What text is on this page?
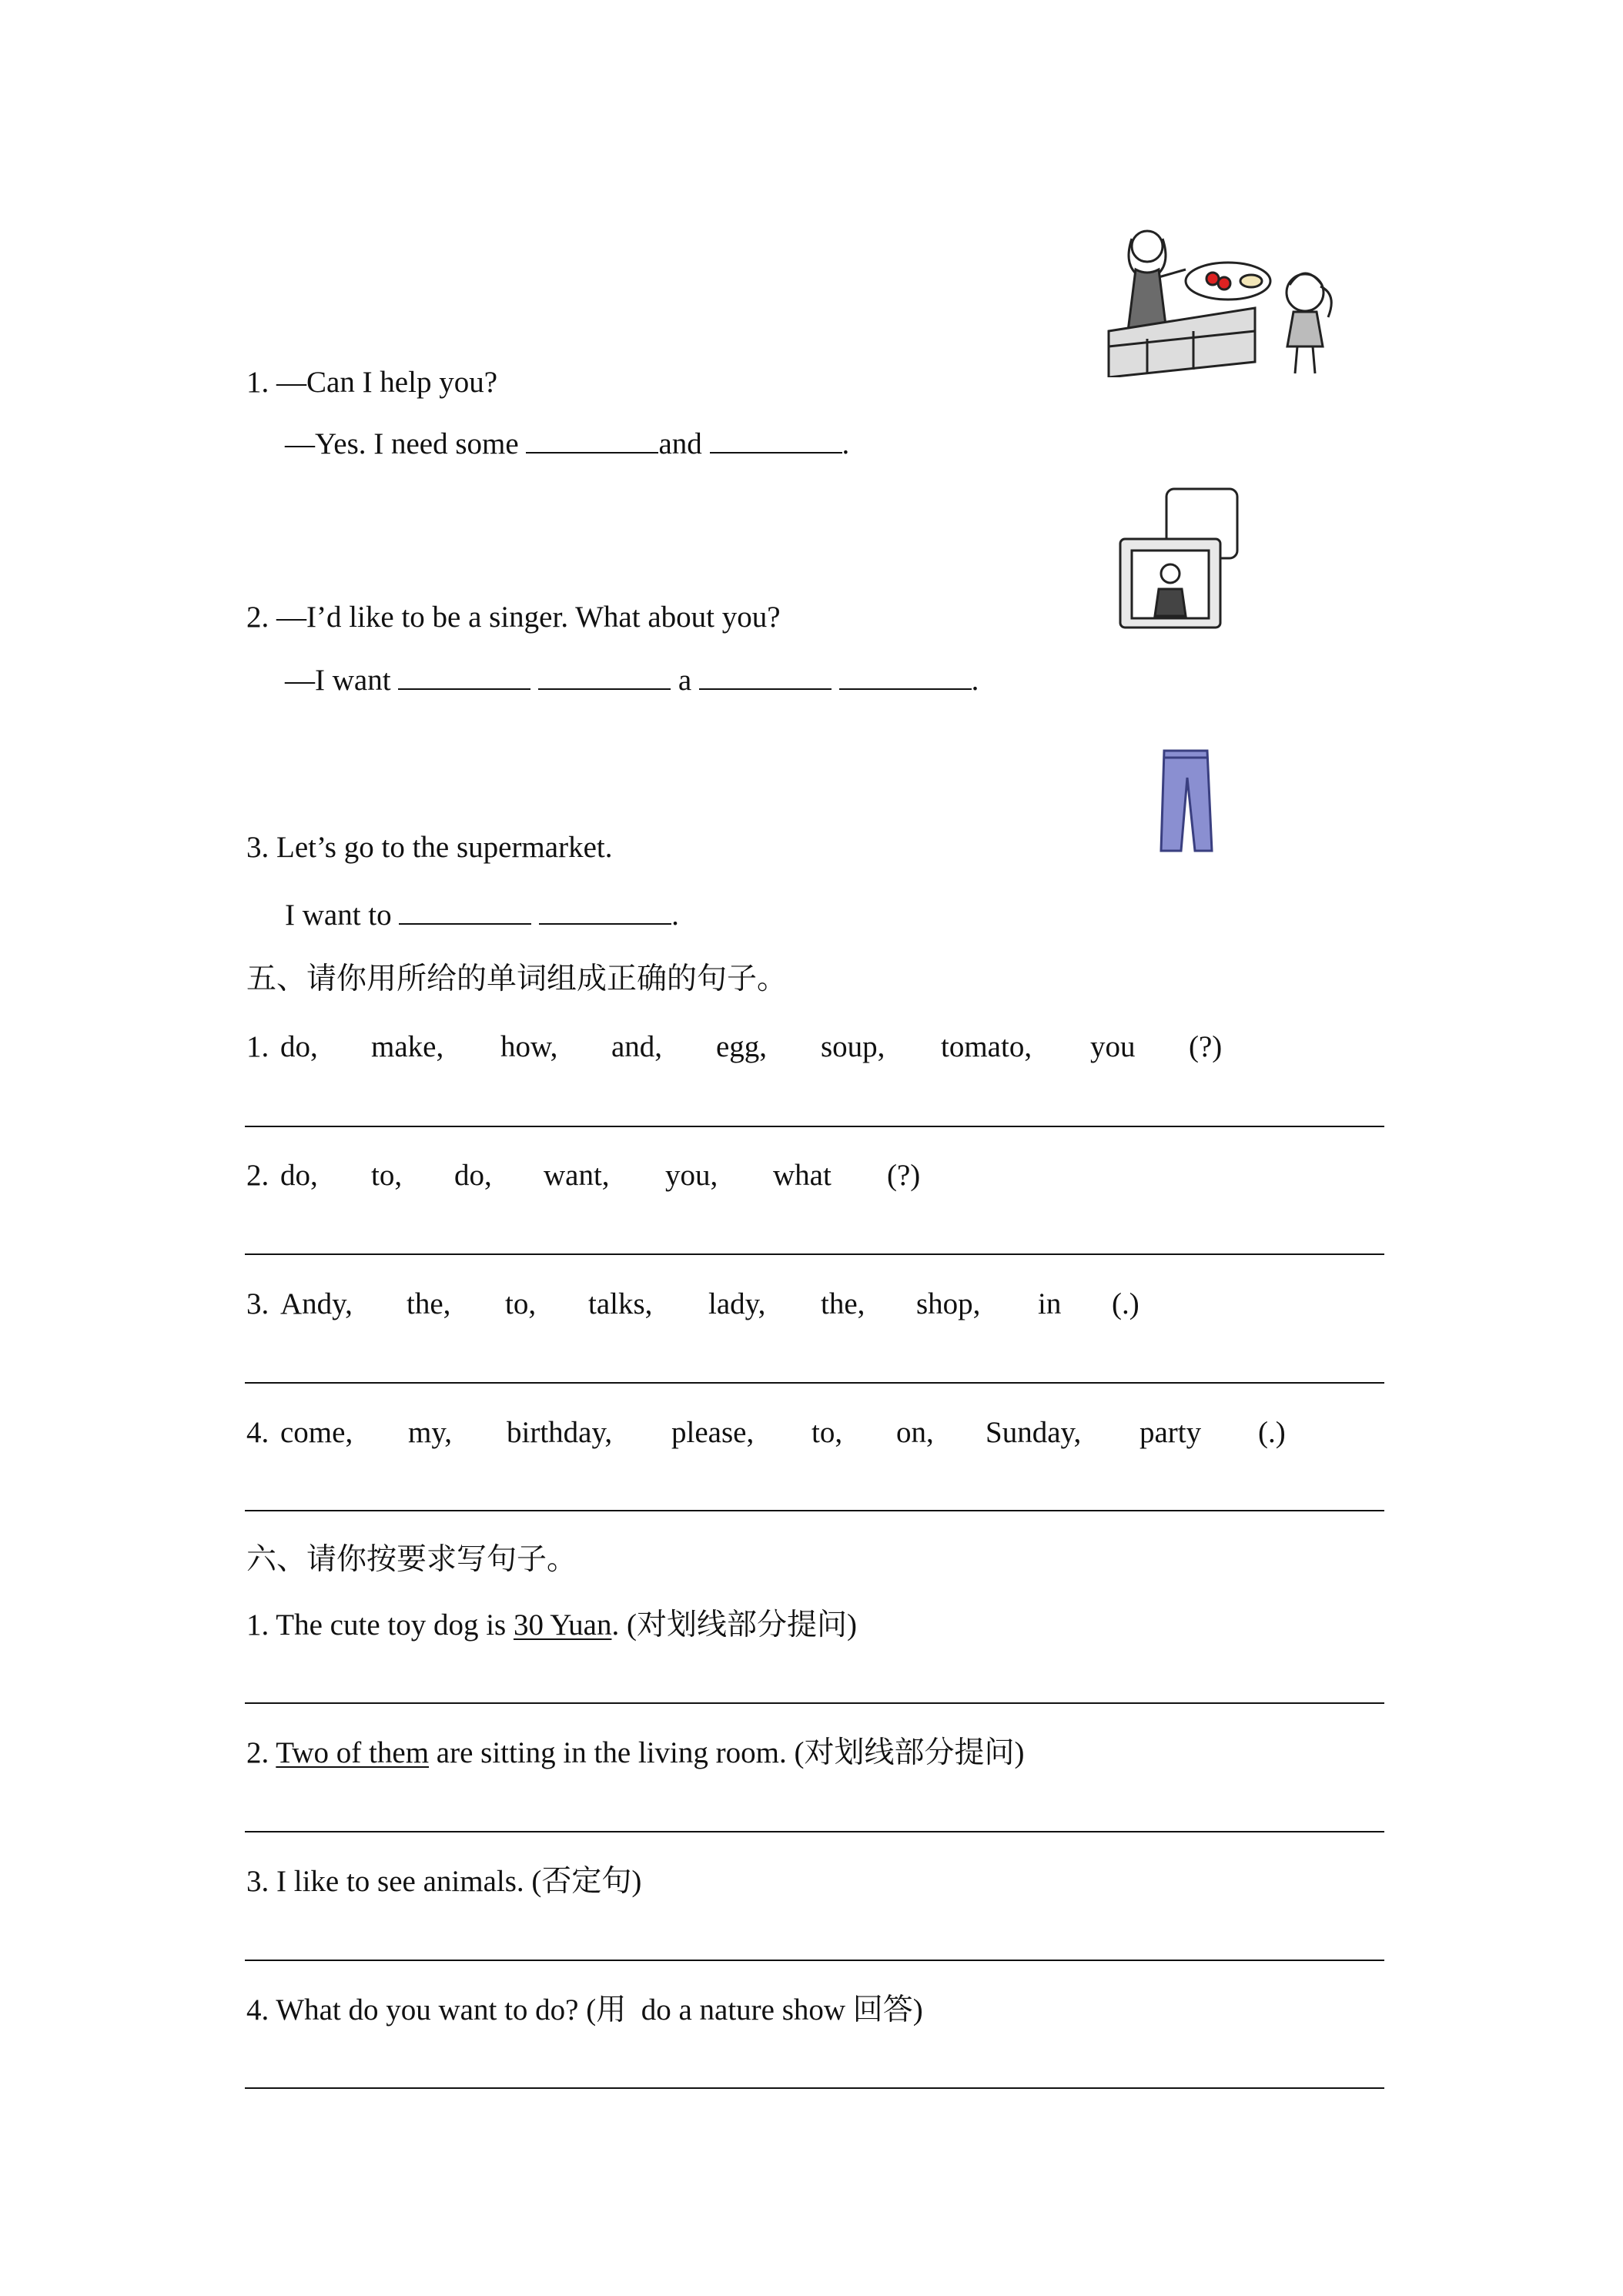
1. —Can I help you?
—Yes. I need some	and	.
2. —I’d like to be a singer. What about you?
—I want	a	.
3. Let’s go to the supermarket.
I want to	.
五、请你用所给的单词组成正确的句子。
1. do, make, how, and, egg, soup, tomato, you (?)
2. do, to, do, want, you, what (?)
3. Andy, the, to, talks, lady, the, shop, in (.)
4. come, my, birthday, please, to, on, Sunday, party (.)
六、请你按要求写句子。
1. The cute toy dog is 30 Yuan. (对划线部分提问)
2. Two of them are sitting in the living room. (对划线部分提问)
3. I like to see animals. (否定句)
4. What do you want to do? (用  do a nature show 回答)
